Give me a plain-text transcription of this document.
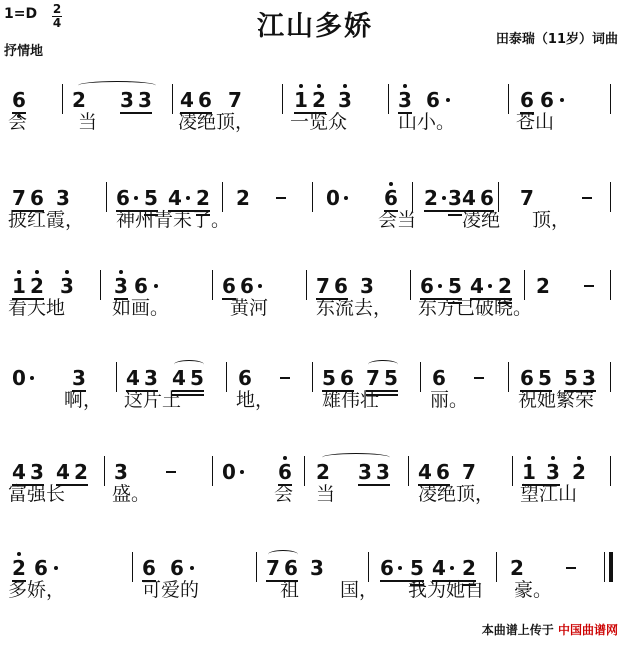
1=D 2
4
抒情地
江山多娇	田泰瑞（11岁）词曲
6 2 3 3 4 6 7	1 2 3 3 6	6 6
会	当	凌绝顶， 一览众	山小。	苍山
7 6 3 6 5 4 2 2	0 6 2 3 4 6 7
披红霞， 神州青未了。	会当 凌绝 顶，
1 2 3 3 6	6 6	7 6 3 6 5 4 2 2
看大地 如画。	黄河	东流去， 东方已破晓。
0 3 4 3 4 5 6	5 6 7 5 6	6 5 5 3
啊， 这片土	地，	雄伟壮	丽。	祝她繁荣
4 3 4 2 3	0 6 2 3 3 4 6 7 1 3 2
富强长 盛。	会 当	凌绝顶， 望江山
2 6	6 6	7 6 3	6 5 4 2 2
多娇，	可爱的	祖 国， 我为她自 豪。
本曲谱上传于 中国曲谱网
